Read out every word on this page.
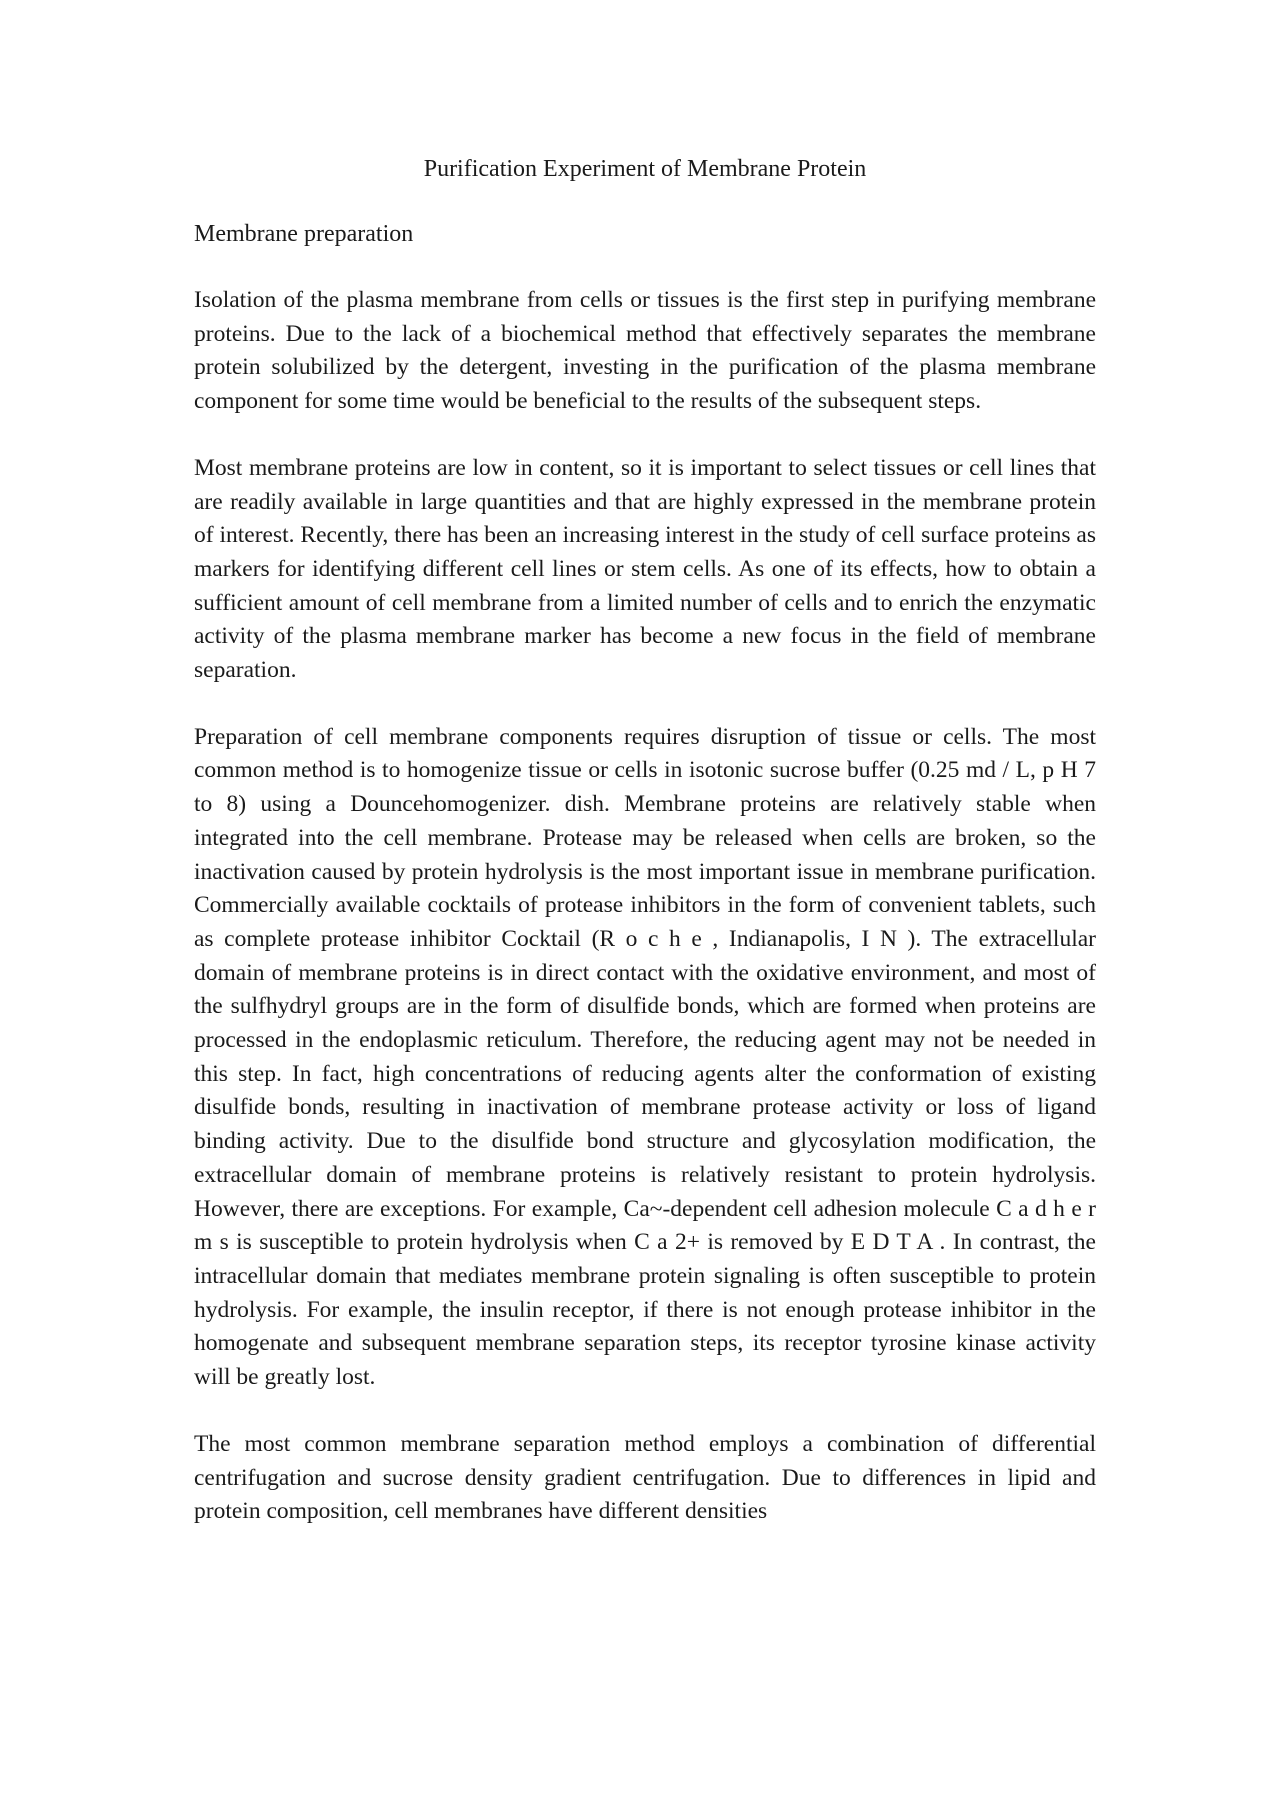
Purification Experiment of Membrane Protein

Membrane preparation

Isolation of the plasma membrane from cells or tissues is the first step in purifying membrane proteins. Due to the lack of a biochemical method that effectively separates the membrane protein solubilized by the detergent, investing in the purification of the plasma membrane component for some time would be beneficial to the results of the subsequent steps.

Most membrane proteins are low in content, so it is important to select tissues or cell lines that are readily available in large quantities and that are highly expressed in the membrane protein of interest. Recently, there has been an increasing interest in the study of cell surface proteins as markers for identifying different cell lines or stem cells. As one of its effects, how to obtain a sufficient amount of cell membrane from a limited number of cells and to enrich the enzymatic activity of the plasma membrane marker has become a new focus in the field of membrane separation.

Preparation of cell membrane components requires disruption of tissue or cells. The most common method is to homogenize tissue or cells in isotonic sucrose buffer (0.25 md / L, p H 7 to 8) using a Douncehomogenizer. dish. Membrane proteins are relatively stable when integrated into the cell membrane. Protease may be released when cells are broken, so the inactivation caused by protein hydrolysis is the most important issue in membrane purification. Commercially available cocktails of protease inhibitors in the form of convenient tablets, such as complete protease inhibitor Cocktail (R o c h e , Indianapolis, I N ). The extracellular domain of membrane proteins is in direct contact with the oxidative environment, and most of the sulfhydryl groups are in the form of disulfide bonds, which are formed when proteins are processed in the endoplasmic reticulum. Therefore, the reducing agent may not be needed in this step. In fact, high concentrations of reducing agents alter the conformation of existing disulfide bonds, resulting in inactivation of membrane protease activity or loss of ligand binding activity. Due to the disulfide bond structure and glycosylation modification, the extracellular domain of membrane proteins is relatively resistant to protein hydrolysis. However, there are exceptions. For example, Ca~-dependent cell adhesion molecule C a d h e r m s is susceptible to protein hydrolysis when C a 2+ is removed by E D T A . In contrast, the intracellular domain that mediates membrane protein signaling is often susceptible to protein hydrolysis. For example, the insulin receptor, if there is not enough protease inhibitor in the homogenate and subsequent membrane separation steps, its receptor tyrosine kinase activity will be greatly lost.

The most common membrane separation method employs a combination of differential centrifugation and sucrose density gradient centrifugation. Due to differences in lipid and protein composition, cell membranes have different densities
